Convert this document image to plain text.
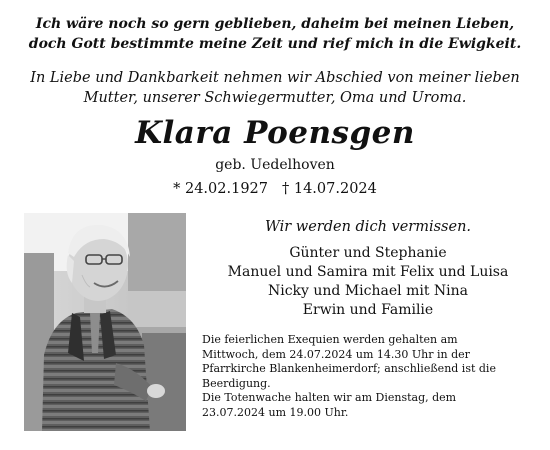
Ich wäre noch so gern geblieben, daheim bei meinen Lieben,
doch Gott bestimmte meine Zeit und rief mich in die Ewigkeit.
In Liebe und Dankbarkeit nehmen wir Abschied von meiner lieben
Mutter, unserer Schwiegermutter, Oma und Uroma.
Klara Poensgen
geb. Uedelhoven
* 24.02.1927 † 14.07.2024
Wir werden dich vermissen.
Günter und Stephanie
Manuel und Samira mit Felix und Luisa
Nicky und Michael mit Nina
Erwin und Familie
Die feierlichen Exequien werden gehalten am
Mittwoch, dem 24.07.2024 um 14.30 Uhr in der
Pfarrkirche Blankenheimerdorf; anschließend ist die
Beerdigung.
Die Totenwache halten wir am Dienstag, dem
23.07.2024 um 19.00 Uhr.
